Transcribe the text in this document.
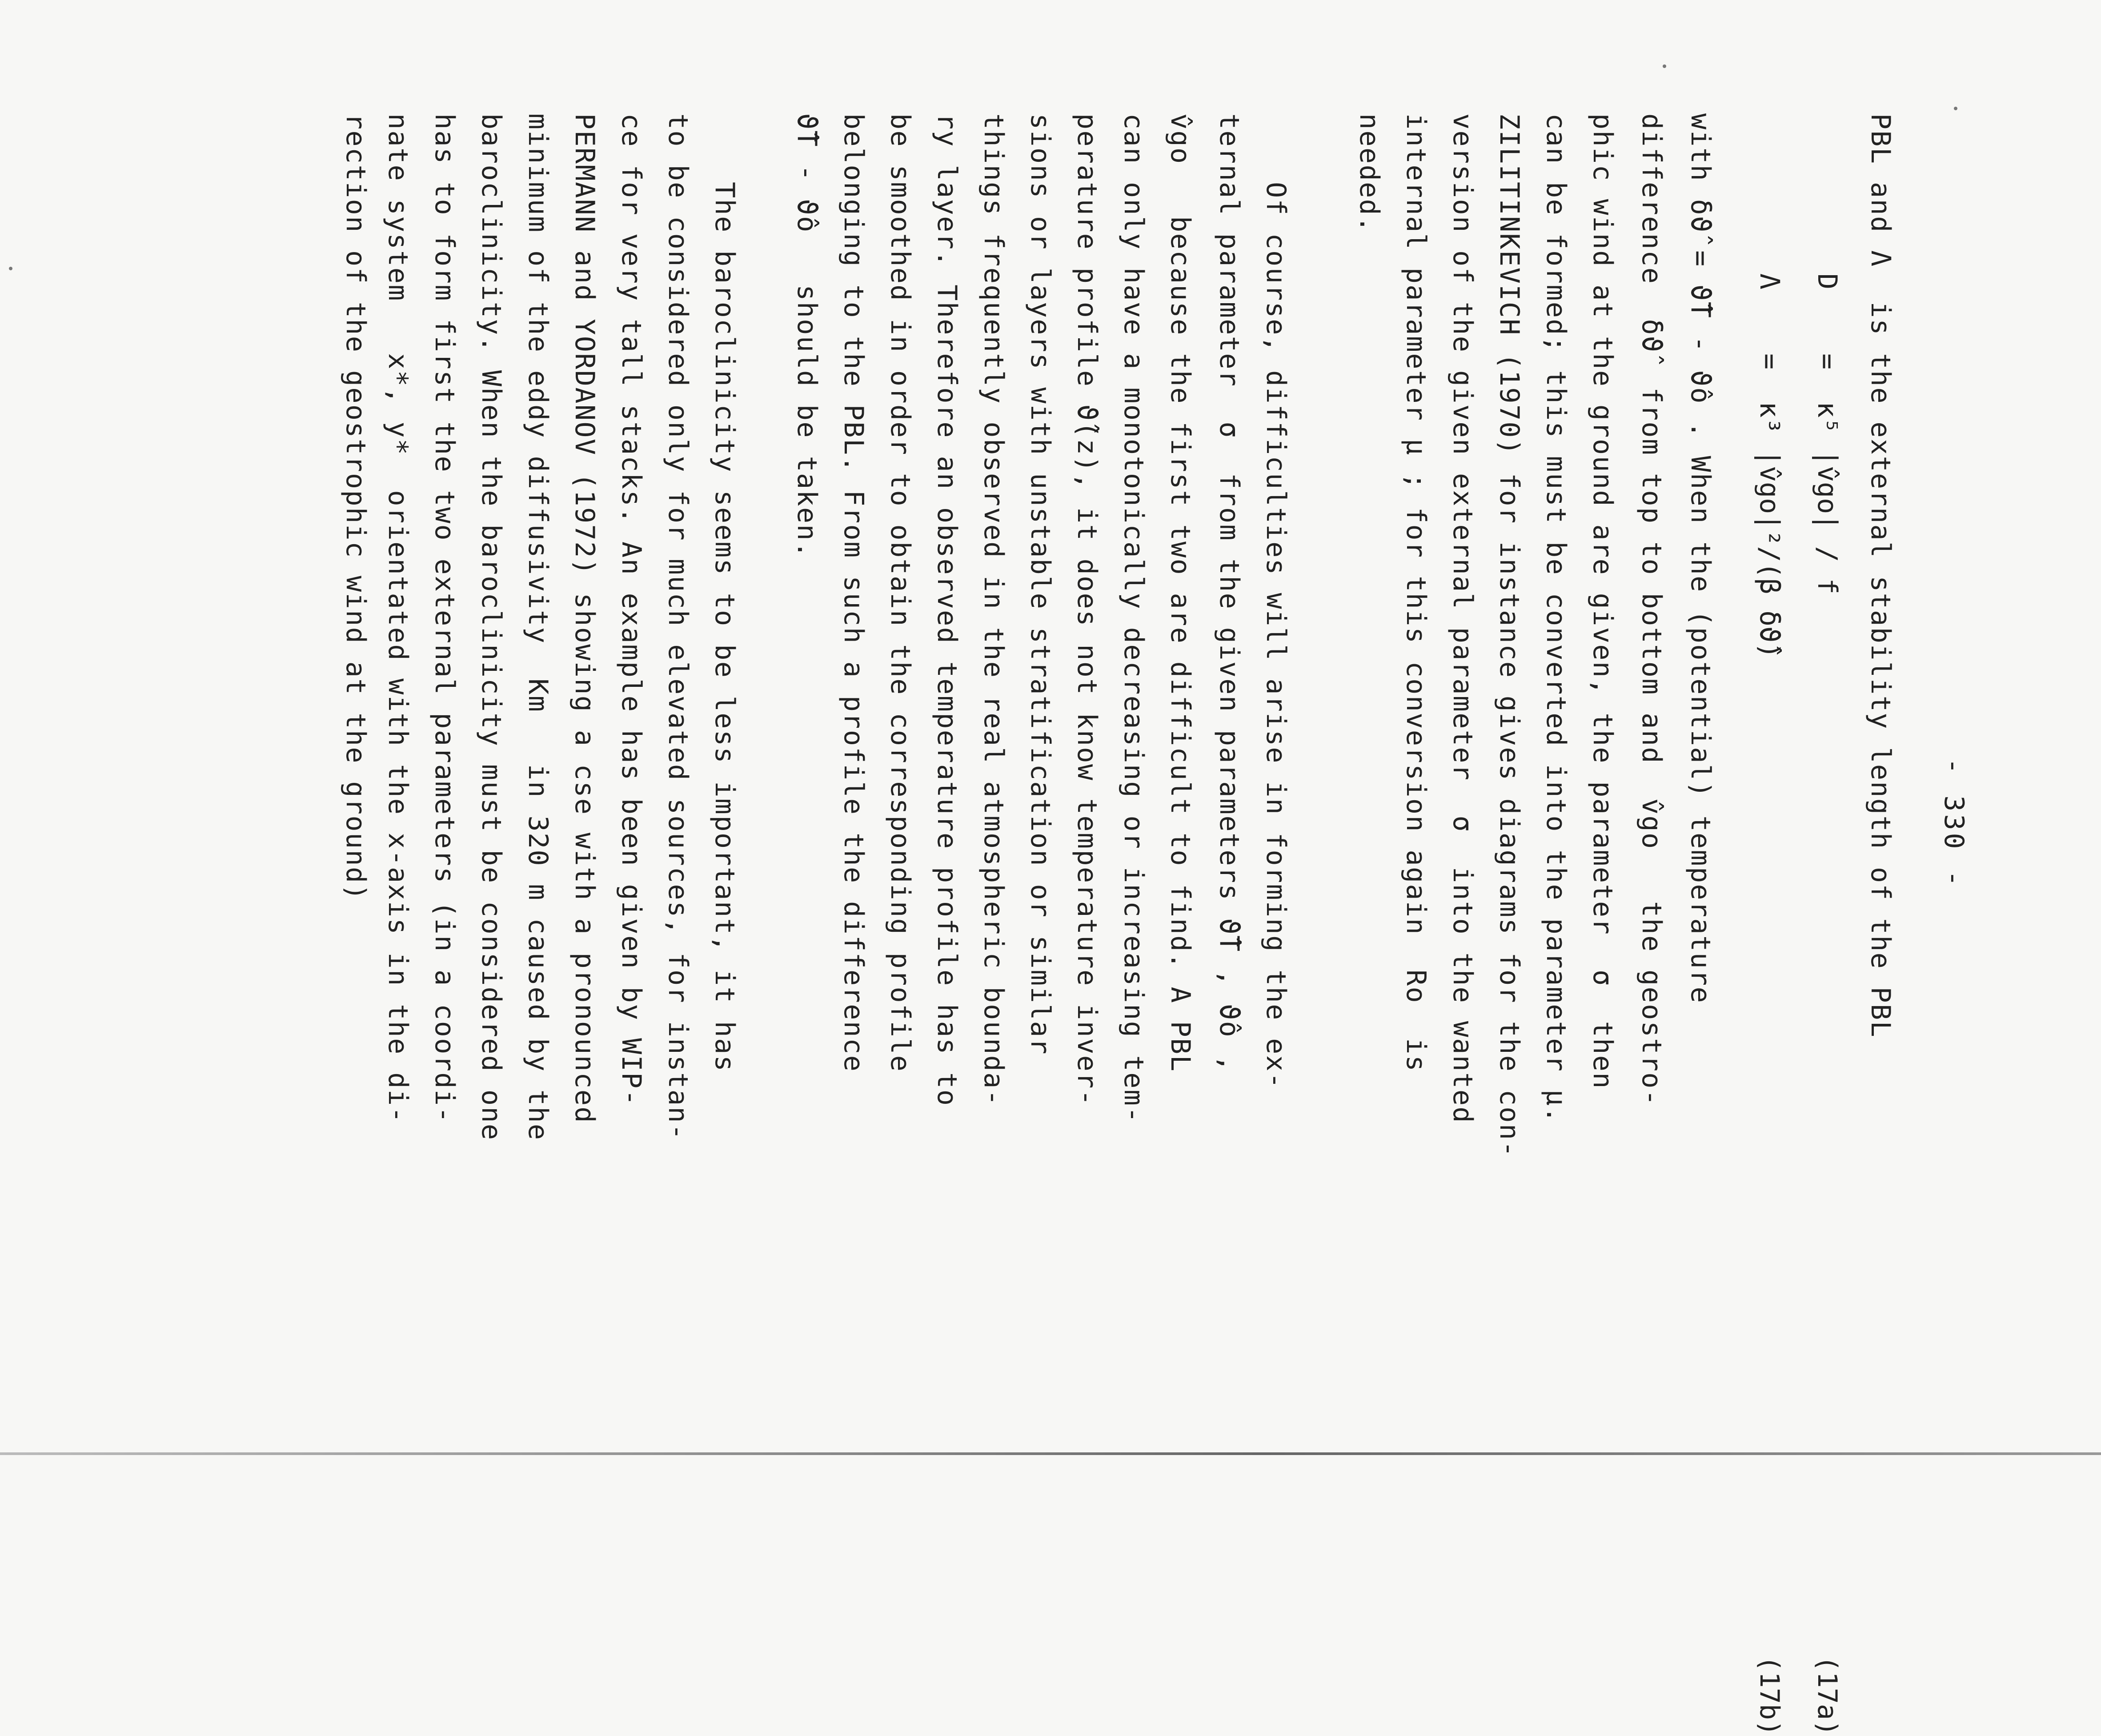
- 330 -
PBL and Λ  is the external stability length of the PBL
D
=  κ⁵ |v̂go| / f
(17a)
Λ
=  κ³ |v̂go|²/(β δϑ̂)
(17b)
with δϑ̂ = ϑ̂T - ϑ̂o . When the (potential) temperature
difference  δϑ̂  from top to bottom and  v̂go   the geostro-
phic wind at the ground are given, the parameter  σ  then
can be formed; this must be converted into the parameter μ.
ZILITINKEVICH (1970) for instance gives diagrams for the con-
version of the given external parameter  σ  into the wanted
internal parameter μ ; for this conversion again  Ro  is
needed.
Of course, difficulties will arise in forming the ex-
ternal parameter  σ  from the given parameters ϑ̂T , ϑ̂o ,
v̂go   because the first two are difficult to find. A PBL
can only have a monotonically decreasing or increasing tem-
perature profile ϑ̂(z), it does not know temperature inver-
sions or layers with unstable stratification or similar
things frequently observed in the real atmospheric bounda-
ry layer. Therefore an observed temperature profile has to
be smoothed in order to obtain the corresponding profile
belonging to the PBL. From such a profile the difference
ϑ̂T - ϑ̂o   should be taken.
The baroclinicity seems to be less important, it has
to be considered only for much elevated sources, for instan-
ce for very tall stacks. An example has been given by WIP-
PERMANN and YORDANOV (1972) showing a cse with a pronounced
minimum of the eddy diffusivity  Km   in 320 m caused by the
baroclinicity. When the baroclinicity must be considered one
has to form first the two external parameters (in a coordi-
nate system   x*, y*  orientated with the x-axis in the di-
rection of the geostrophic wind at the ground)
